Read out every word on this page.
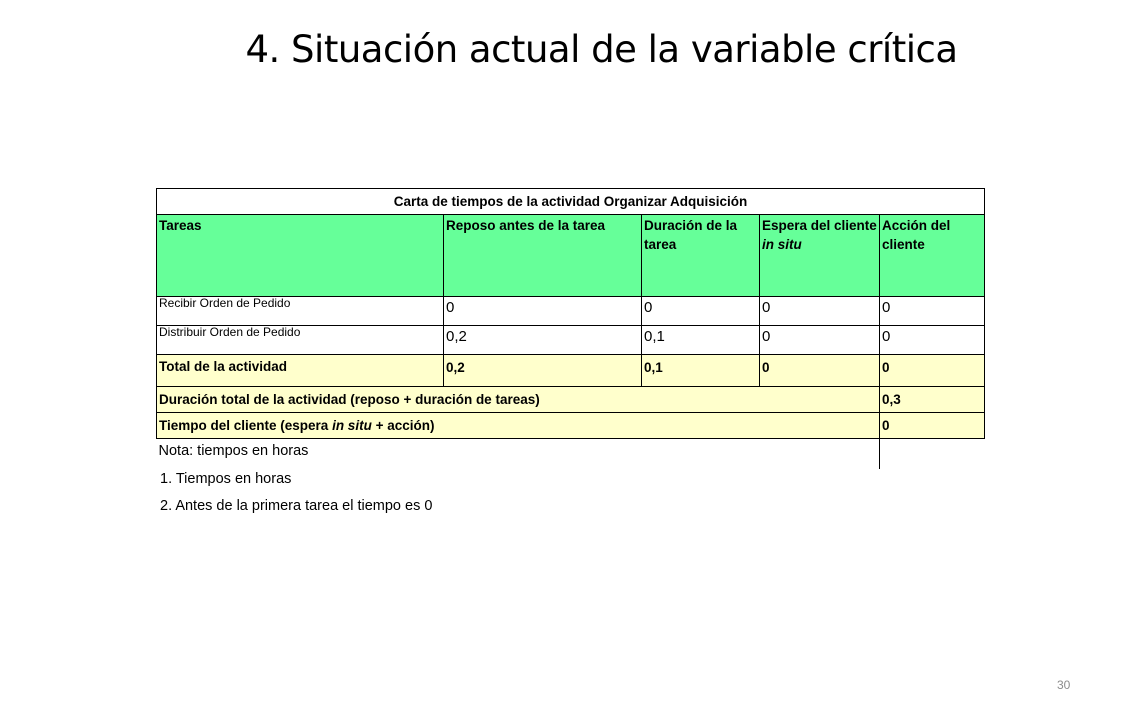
4. Situación actual de la variable crítica
Carta de tiempos de la actividad Organizar Adquisición				
Tareas	Reposo antes de la tarea	Duración de la tarea	Espera del cliente in situ	Acción del cliente
Recibir Orden de Pedido	0	0	0	0
Distribuir Orden de Pedido	0,2	0,1	0	0
Total de la actividad	0,2	0,1	0	0
Duración total de la actividad (reposo + duración de tareas)				0,3
Tiempo del cliente (espera in situ + acción)				0
Nota: tiempos en horas				
1. Tiempos en horas
2. Antes de la primera tarea el tiempo es 0
30
